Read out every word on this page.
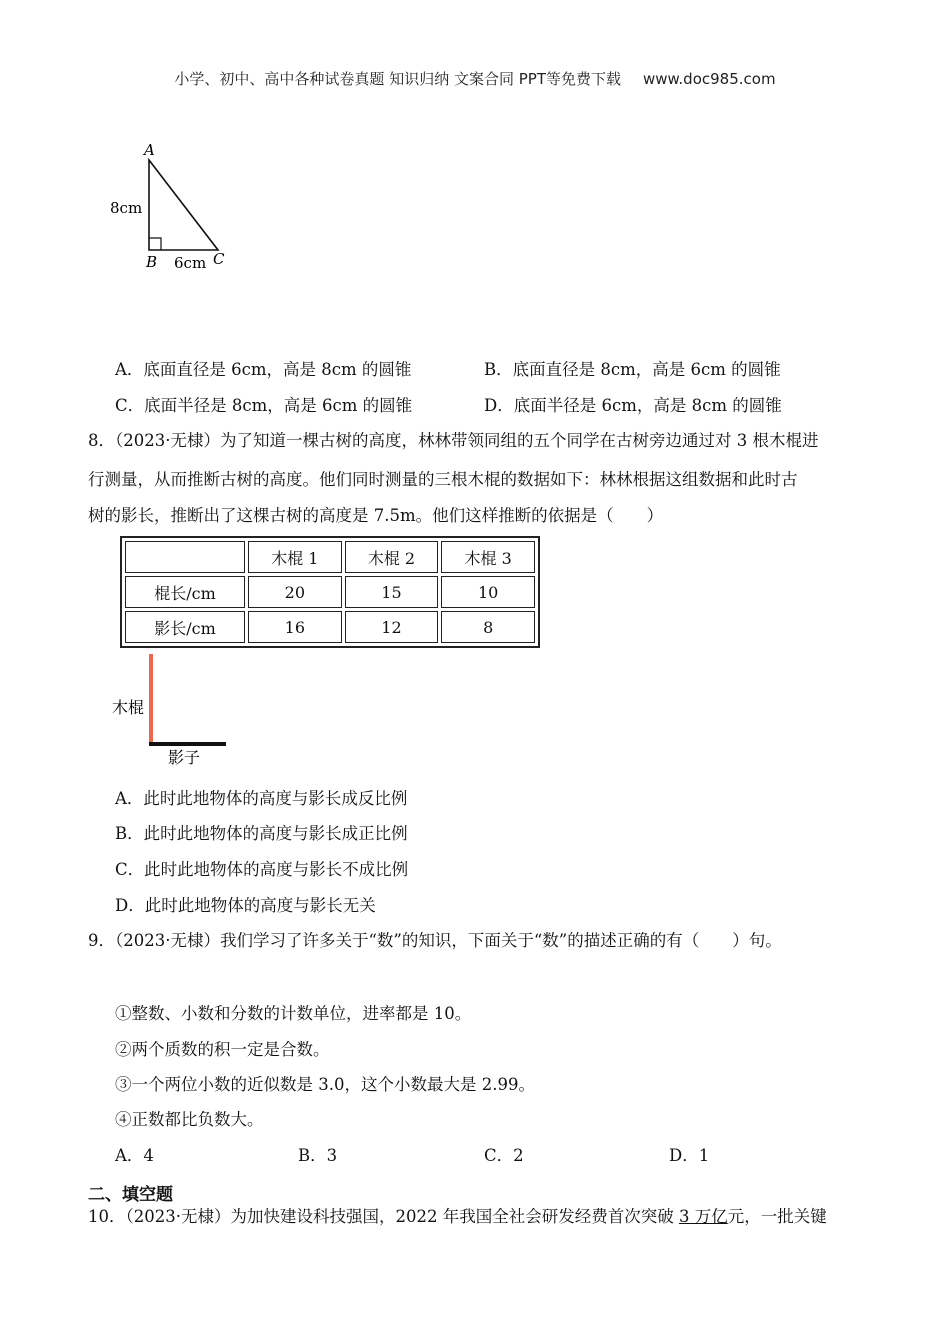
小学、初中、高中各种试卷真题 知识归纳 文案合同 PPT等免费下载 www.doc985.com
A
B	C
8cm
6cm
A．底面直径是 6cm，高是 8cm 的圆锥	B．底面直径是 8cm，高是 6cm 的圆锥
C．底面半径是 8cm，高是 6cm 的圆锥	D．底面半径是 6cm，高是 8cm 的圆锥
8．（2023·无棣）为了知道一棵古树的高度，林林带领同组的五个同学在古树旁边通过对 3 根木棍进
行测量，从而推断古树的高度。他们同时测量的三根木棍的数据如下：林林根据这组数据和此时古
树的影长，推断出了这棵古树的高度是 7.5m。他们这样推断的依据是（　　）
	木棍 1	木棍 2	木棍 3
棍长/cm	20	15	10
影长/cm	16	12	8
木棍
影子
A．此时此地物体的高度与影长成反比例
B．此时此地物体的高度与影长成正比例
C．此时此地物体的高度与影长不成比例
D．此时此地物体的高度与影长无关
9．（2023·无棣）我们学习了许多关于“数”的知识，下面关于“数”的描述正确的有（　　）句。
①整数、小数和分数的计数单位，进率都是 10。
②两个质数的积一定是合数。
③一个两位小数的近似数是 3.0，这个小数最大是 2.99。
④正数都比负数大。
A．4	B．3	C．2	D．1
二、填空题
10．（2023·无棣）为加快建设科技强国，2022 年我国全社会研发经费首次突破 3 万亿元，一批关键
